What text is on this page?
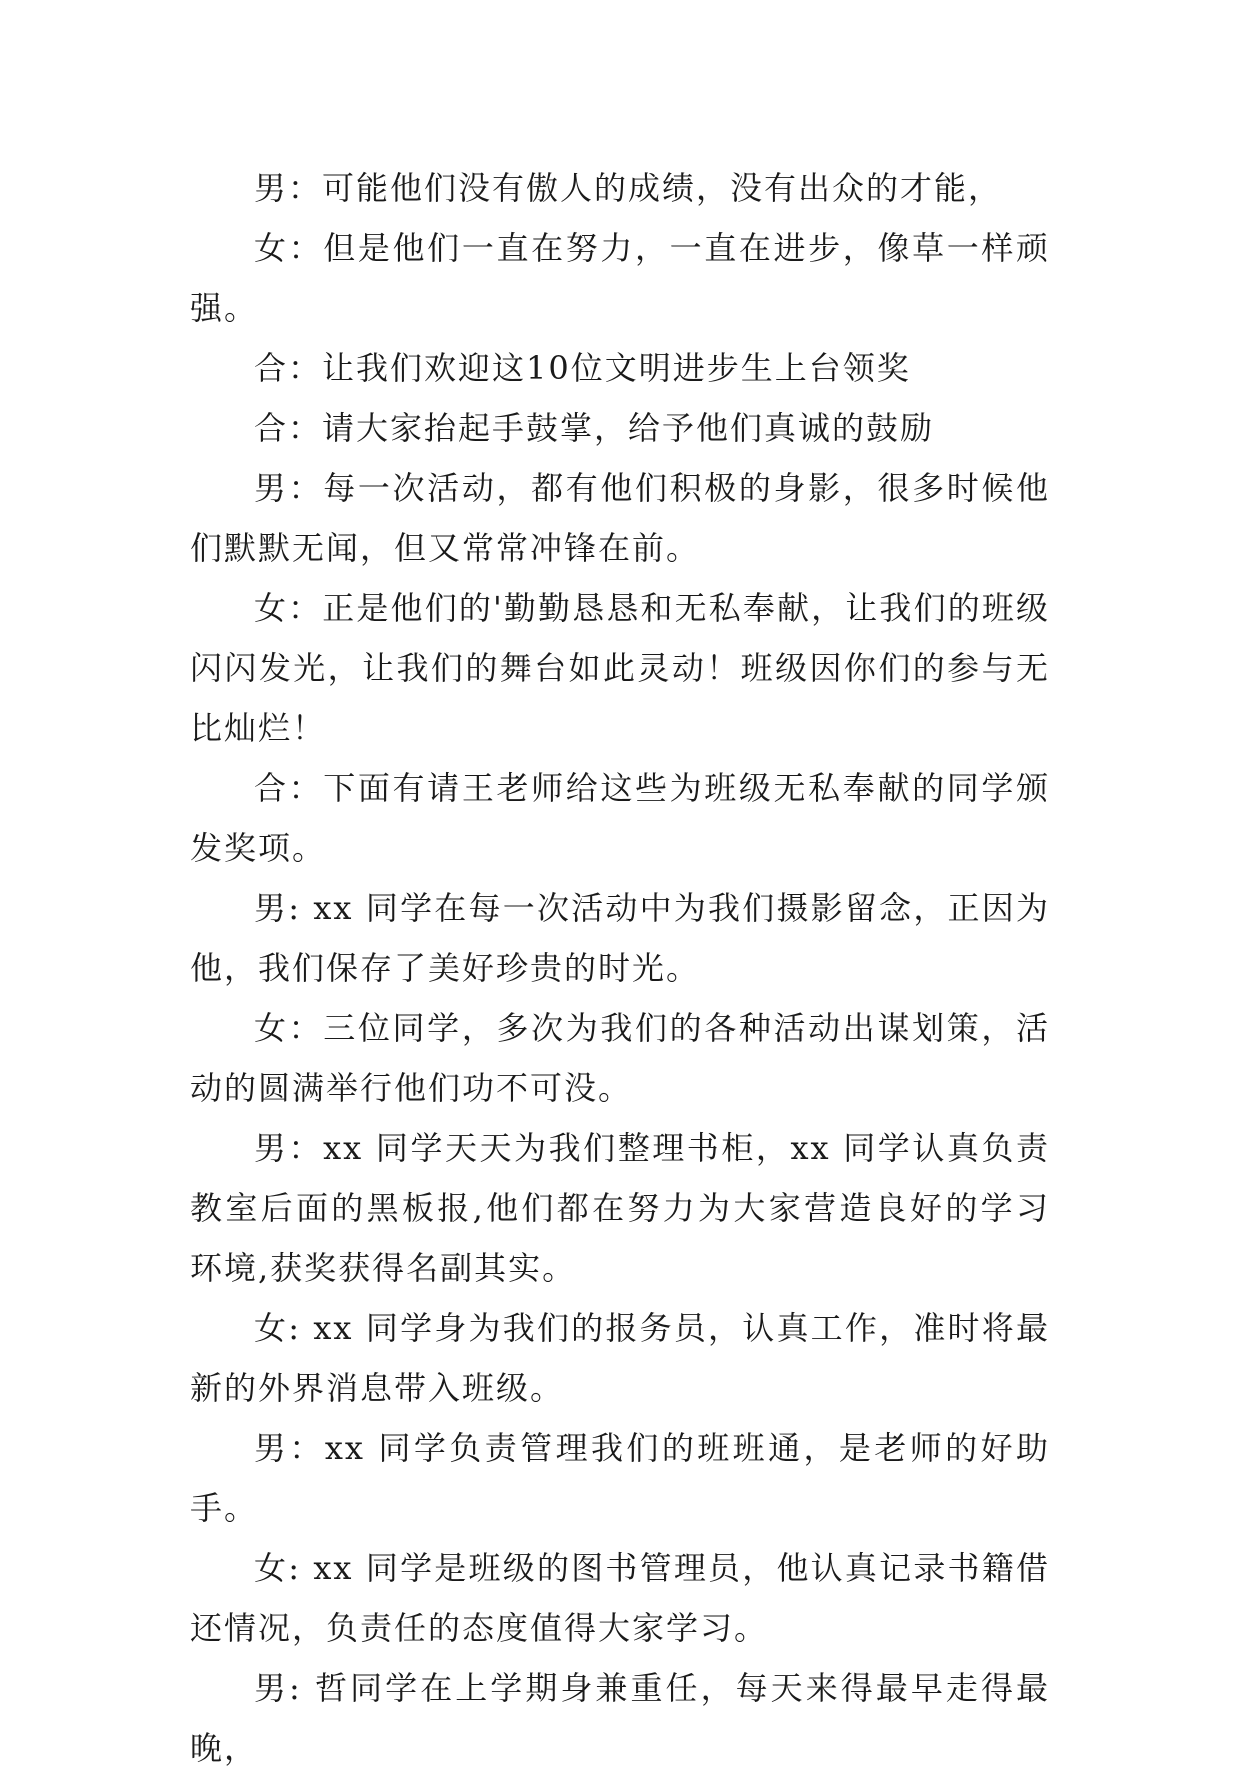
男：可能他们没有傲人的成绩，没有出众的才能，

女：但是他们一直在努力，一直在进步，像草一样顽强。

合：让我们欢迎这10位文明进步生上台领奖

合：请大家抬起手鼓掌，给予他们真诚的鼓励

男：每一次活动，都有他们积极的身影，很多时候他们默默无闻，但又常常冲锋在前。

女：正是他们的'勤勤恳恳和无私奉献，让我们的班级闪闪发光，让我们的舞台如此灵动！班级因你们的参与无比灿烂！

合：下面有请王老师给这些为班级无私奉献的同学颁发奖项。

男: xx 同学在每一次活动中为我们摄影留念，正因为他，我们保存了美好珍贵的时光。

女：三位同学，多次为我们的各种活动出谋划策，活动的圆满举行他们功不可没。

男：xx 同学天天为我们整理书柜，xx 同学认真负责教室后面的黑板报,他们都在努力为大家营造良好的学习环境,获奖获得名副其实。

女: xx 同学身为我们的报务员，认真工作，准时将最新的外界消息带入班级。

男：xx 同学负责管理我们的班班通，是老师的好助手。

女: xx 同学是班级的图书管理员，他认真记录书籍借还情况，负责任的态度值得大家学习。

男: 哲同学在上学期身兼重任，每天来得最早走得最晚，
